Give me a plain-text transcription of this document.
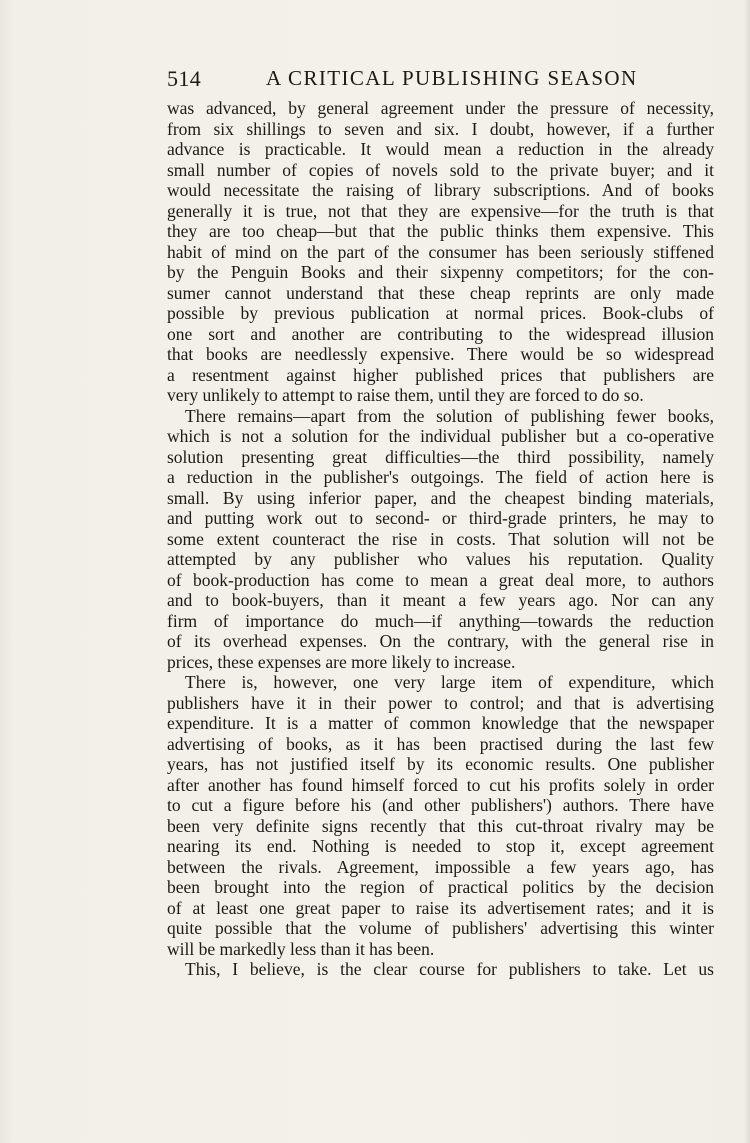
514	A CRITICAL PUBLISHING SEASON
was advanced, by general agreement under the pressure of necessity,
from six shillings to seven and six. I doubt, however, if a further
advance is practicable. It would mean a reduction in the already
small number of copies of novels sold to the private buyer; and it
would necessitate the raising of library subscriptions. And of books
generally it is true, not that they are expensive—for the truth is that
they are too cheap—but that the public thinks them expensive. This
habit of mind on the part of the consumer has been seriously stiffened
by the Penguin Books and their sixpenny competitors; for the con-
sumer cannot understand that these cheap reprints are only made
possible by previous publication at normal prices. Book-clubs of
one sort and another are contributing to the widespread illusion
that books are needlessly expensive. There would be so widespread
a resentment against higher published prices that publishers are
very unlikely to attempt to raise them, until they are forced to do so.
There remains—apart from the solution of publishing fewer books,
which is not a solution for the individual publisher but a co-operative
solution presenting great difficulties—the third possibility, namely
a reduction in the publisher's outgoings. The field of action here is
small. By using inferior paper, and the cheapest binding materials,
and putting work out to second- or third-grade printers, he may to
some extent counteract the rise in costs. That solution will not be
attempted by any publisher who values his reputation. Quality
of book-production has come to mean a great deal more, to authors
and to book-buyers, than it meant a few years ago. Nor can any
firm of importance do much—if anything—towards the reduction
of its overhead expenses. On the contrary, with the general rise in
prices, these expenses are more likely to increase.
There is, however, one very large item of expenditure, which
publishers have it in their power to control; and that is advertising
expenditure. It is a matter of common knowledge that the newspaper
advertising of books, as it has been practised during the last few
years, has not justified itself by its economic results. One publisher
after another has found himself forced to cut his profits solely in order
to cut a figure before his (and other publishers') authors. There have
been very definite signs recently that this cut-throat rivalry may be
nearing its end. Nothing is needed to stop it, except agreement
between the rivals. Agreement, impossible a few years ago, has
been brought into the region of practical politics by the decision
of at least one great paper to raise its advertisement rates; and it is
quite possible that the volume of publishers' advertising this winter
will be markedly less than it has been.
This, I believe, is the clear course for publishers to take. Let us
